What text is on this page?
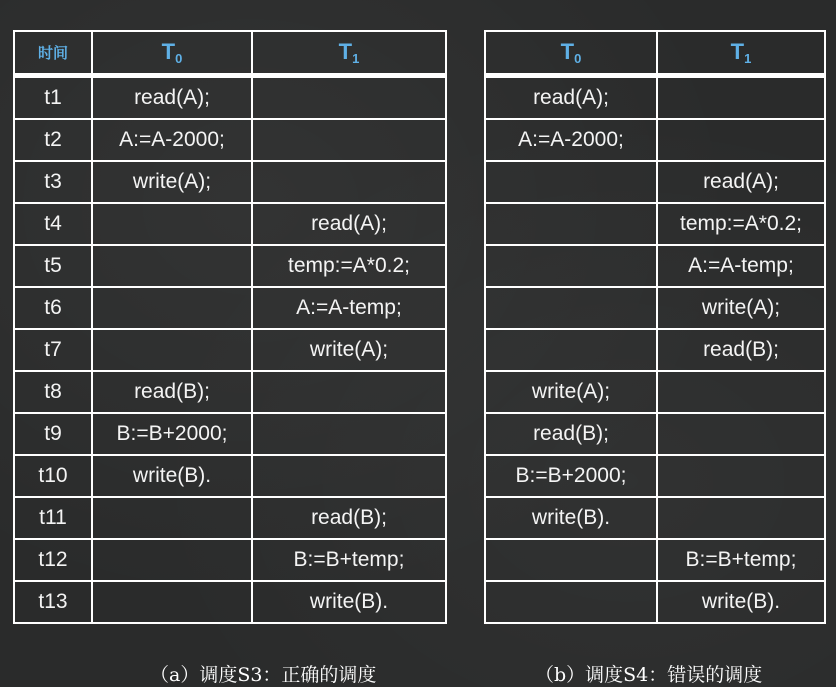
时间	$T_0$	$T_1$
t1	read(A);	
t2	A:=A-2000;	
t3	write(A);	
t4		read(A);
t5		temp:=A*0.2;
t6		A:=A-temp;
t7		write(A);
t8	read(B);	
t9	B:=B+2000;	
t10	write(B).	
t11		read(B);
t12		B:=B+temp;
t13		write(B).
$T_0$	$T_1$
read(A);	
A:=A-2000;	
	read(A);
	temp:=A*0.2;
	A:=A-temp;
	write(A);
	read(B);
write(A);	
read(B);	
B:=B+2000;	
write(B).	
	B:=B+temp;
	write(B).
（a）调度S3：正确的调度	（b）调度S4：错误的调度
